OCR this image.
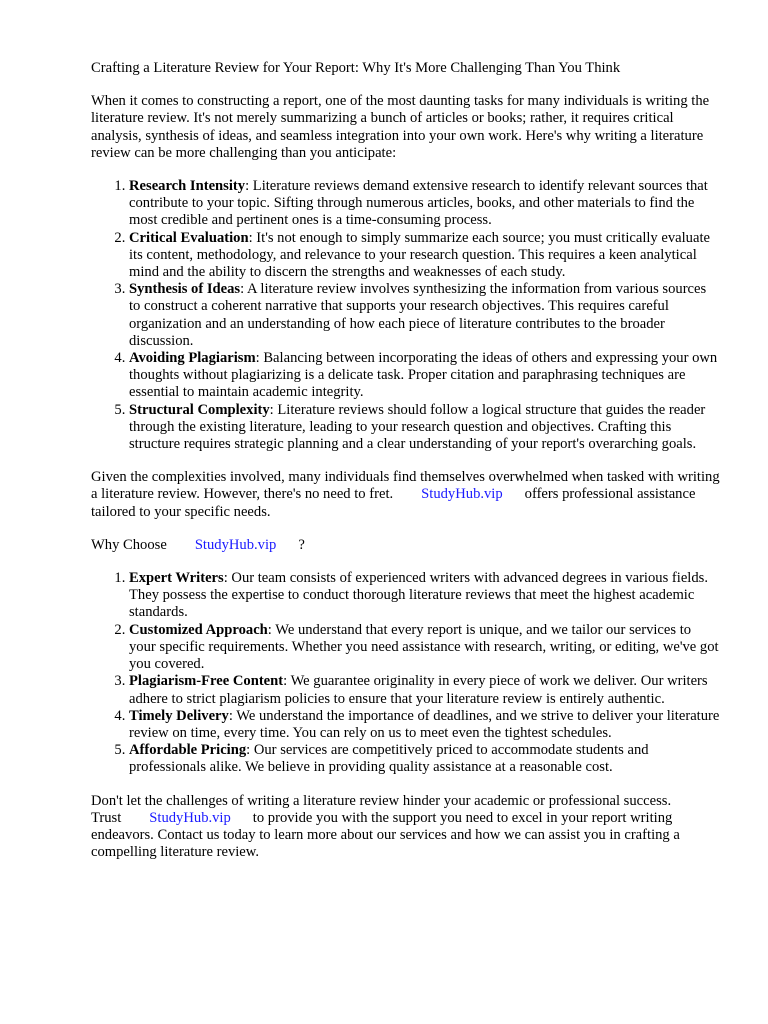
Crafting a Literature Review for Your Report: Why It's More Challenging Than You Think

When it comes to constructing a report, one of the most daunting tasks for many individuals is writing the literature review. It's not merely summarizing a bunch of articles or books; rather, it requires critical analysis, synthesis of ideas, and seamless integration into your own work. Here's why writing a literature review can be more challenging than you anticipate:

1. Research Intensity: Literature reviews demand extensive research to identify relevant sources that contribute to your topic. Sifting through numerous articles, books, and other materials to find the most credible and pertinent ones is a time-consuming process.
2. Critical Evaluation: It's not enough to simply summarize each source; you must critically evaluate its content, methodology, and relevance to your research question. This requires a keen analytical mind and the ability to discern the strengths and weaknesses of each study.
3. Synthesis of Ideas: A literature review involves synthesizing the information from various sources to construct a coherent narrative that supports your research objectives. This requires careful organization and an understanding of how each piece of literature contributes to the broader discussion.
4. Avoiding Plagiarism: Balancing between incorporating the ideas of others and expressing your own thoughts without plagiarizing is a delicate task. Proper citation and paraphrasing techniques are essential to maintain academic integrity.
5. Structural Complexity: Literature reviews should follow a logical structure that guides the reader through the existing literature, leading to your research question and objectives. Crafting this structure requires strategic planning and a clear understanding of your report's overarching goals.

Given the complexities involved, many individuals find themselves overwhelmed when tasked with writing a literature review. However, there's no need to fret. StudyHub.vip offers professional assistance tailored to your specific needs.

Why Choose StudyHub.vip ?

1. Expert Writers: Our team consists of experienced writers with advanced degrees in various fields. They possess the expertise to conduct thorough literature reviews that meet the highest academic standards.
2. Customized Approach: We understand that every report is unique, and we tailor our services to your specific requirements. Whether you need assistance with research, writing, or editing, we've got you covered.
3. Plagiarism-Free Content: We guarantee originality in every piece of work we deliver. Our writers adhere to strict plagiarism policies to ensure that your literature review is entirely authentic.
4. Timely Delivery: We understand the importance of deadlines, and we strive to deliver your literature review on time, every time. You can rely on us to meet even the tightest schedules.
5. Affordable Pricing: Our services are competitively priced to accommodate students and professionals alike. We believe in providing quality assistance at a reasonable cost.

Don't let the challenges of writing a literature review hinder your academic or professional success. Trust StudyHub.vip to provide you with the support you need to excel in your report writing endeavors. Contact us today to learn more about our services and how we can assist you in crafting a compelling literature review.
